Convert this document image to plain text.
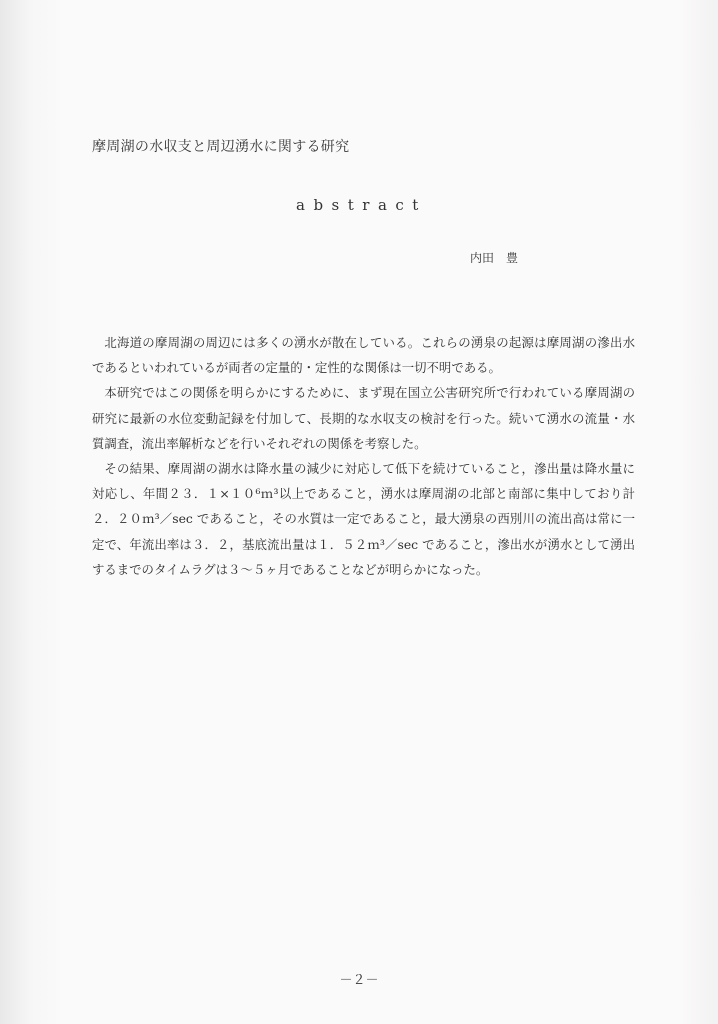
摩周湖の水収支と周辺湧水に関する研究
abstract
内田　豊

北海道の摩周湖の周辺には多くの湧水が散在している。これらの湧泉の起源は摩周湖の滲出水であるといわれているが両者の定量的・定性的な関係は一切不明である。

本研究ではこの関係を明らかにするために、まず現在国立公害研究所で行われている摩周湖の研究に最新の水位変動記録を付加して、長期的な水収支の検討を行った。続いて湧水の流量・水質調査，流出率解析などを行いそれぞれの関係を考察した。

その結果、摩周湖の湖水は降水量の減少に対応して低下を続けていること，滲出量は降水量に対応し、年間２３．１×１０⁶ｍ³以上であること，湧水は摩周湖の北部と南部に集中しており計２．２０ｍ³／sec であること，その水質は一定であること，最大湧泉の西別川の流出高は常に一定で、年流出率は３．２，基底流出量は１．５２ｍ³／sec であること，滲出水が湧水として湧出するまでのタイムラグは３～５ヶ月であることなどが明らかになった。

－２－
